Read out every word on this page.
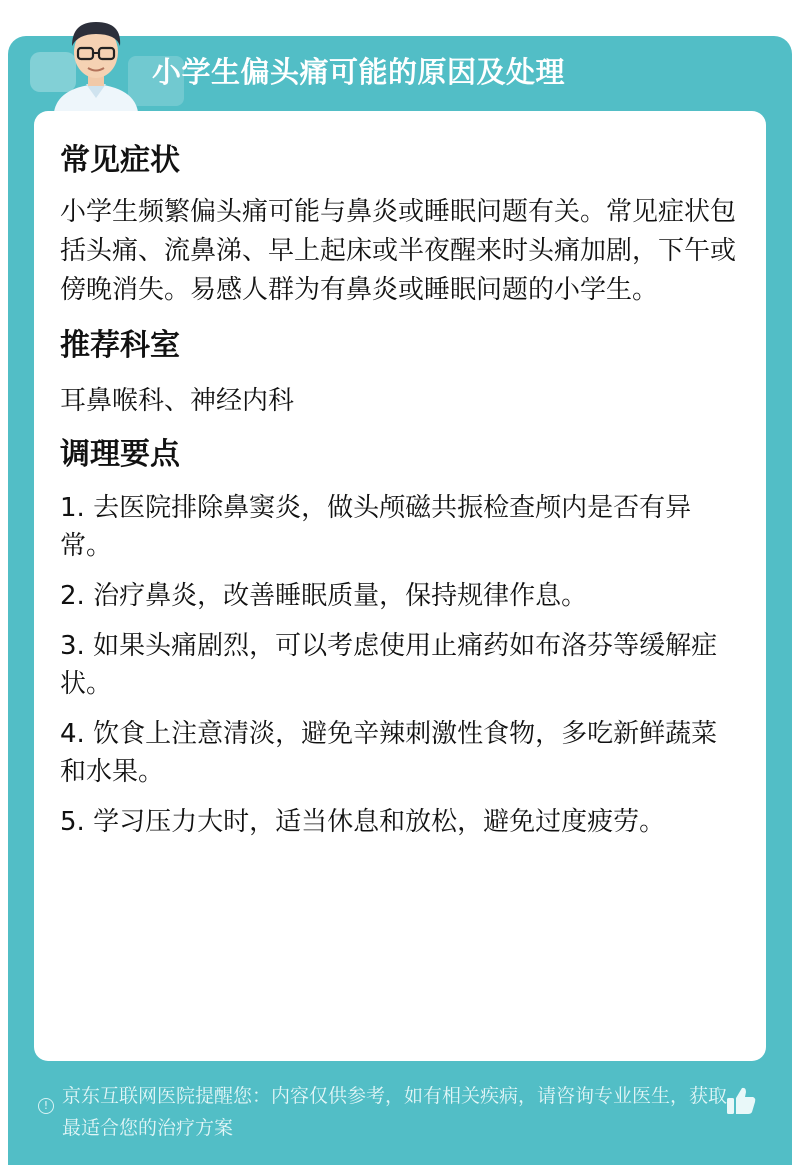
小学生偏头痛可能的原因及处理
常见症状

小学生频繁偏头痛可能与鼻炎或睡眠问题有关。常见症状包括头痛、流鼻涕、早上起床或半夜醒来时头痛加剧，下午或傍晚消失。易感人群为有鼻炎或睡眠问题的小学生。

推荐科室

耳鼻喉科、神经内科

调理要点
1. 去医院排除鼻窦炎，做头颅磁共振检查颅内是否有异常。
2. 治疗鼻炎，改善睡眠质量，保持规律作息。
3. 如果头痛剧烈，可以考虑使用止痛药如布洛芬等缓解症状。
4. 饮食上注意清淡，避免辛辣刺激性食物，多吃新鲜蔬菜和水果。
5. 学习压力大时，适当休息和放松，避免过度疲劳。
! 京东互联网医院提醒您：内容仅供参考，如有相关疾病，请咨询专业医生，获取最适合您的治疗方案
